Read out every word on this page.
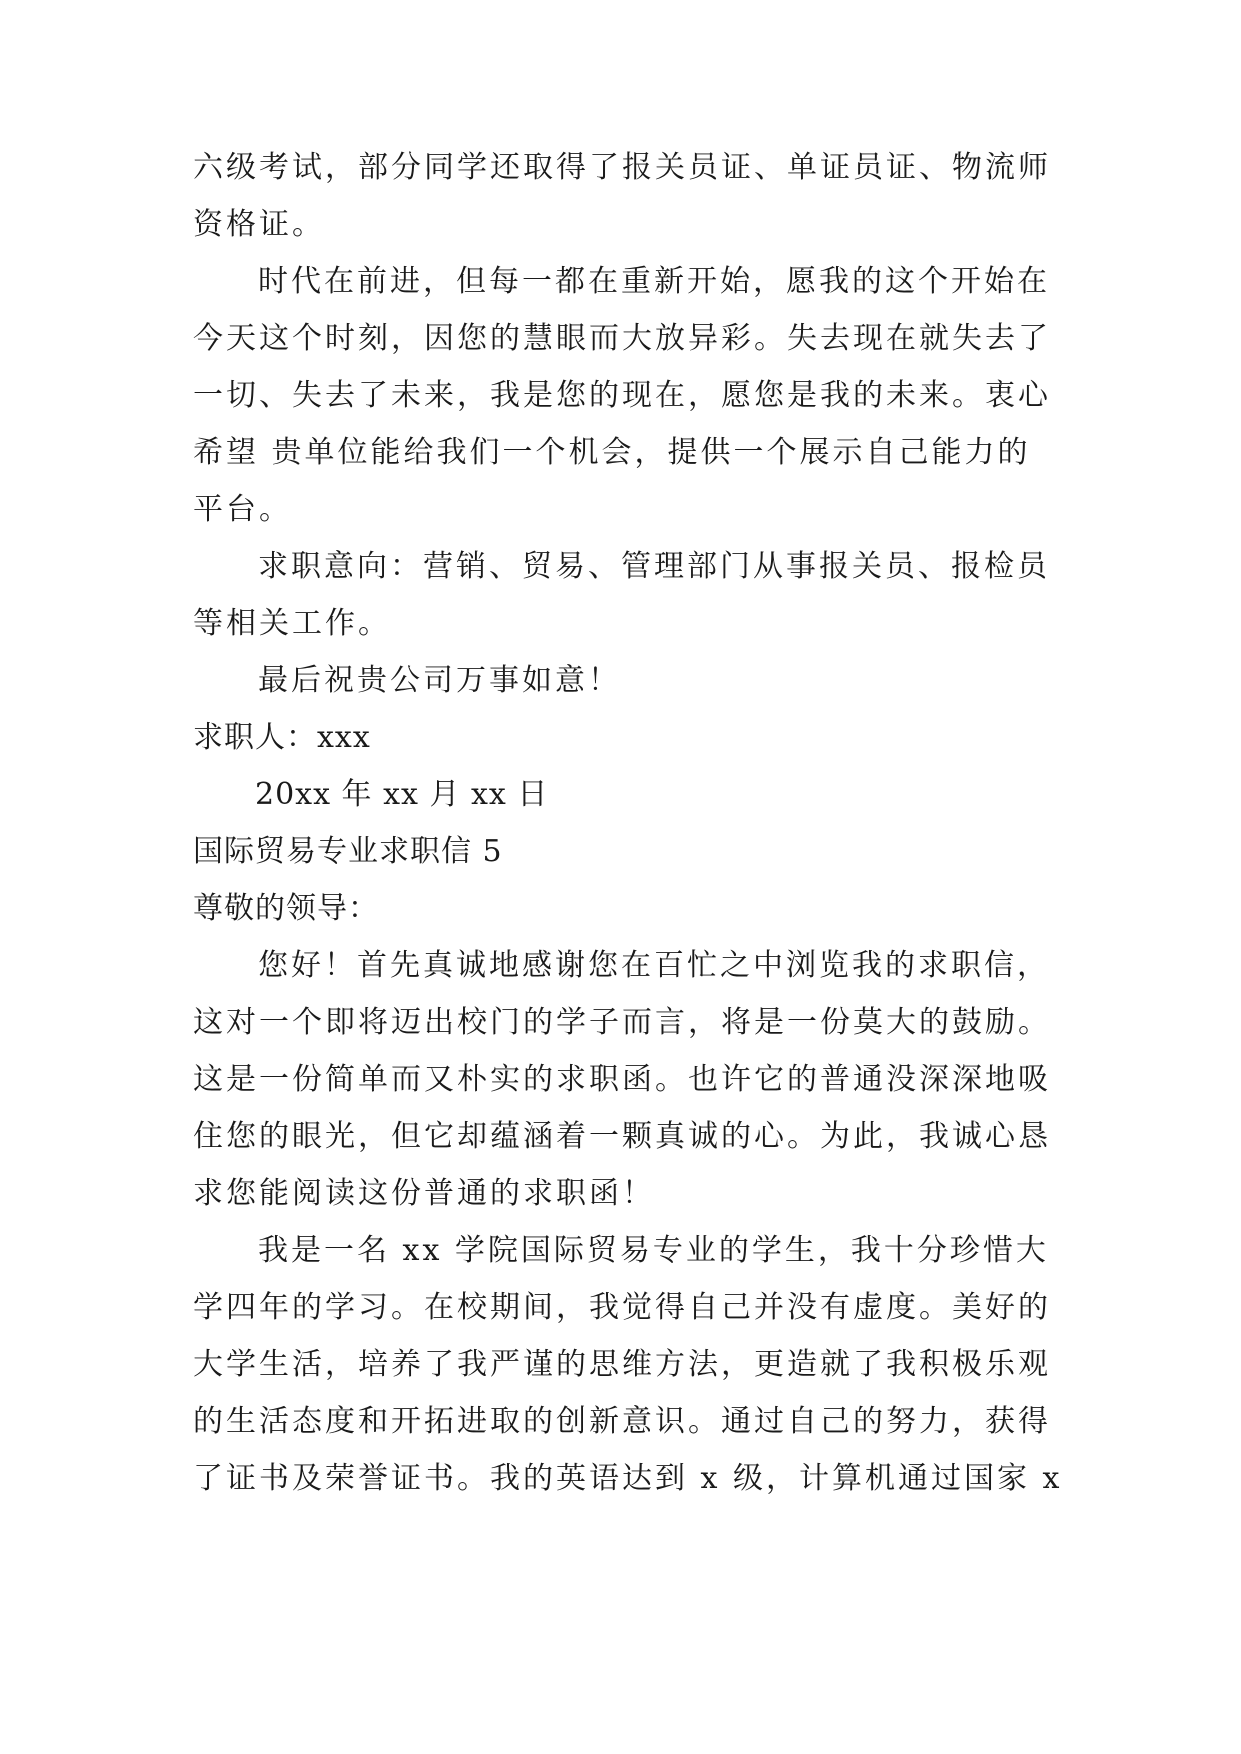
六级考试，部分同学还取得了报关员证、单证员证、物流师
资格证。
时代在前进，但每一都在重新开始，愿我的这个开始在
今天这个时刻，因您的慧眼而大放异彩。失去现在就失去了
一切、失去了未来，我是您的现在，愿您是我的未来。衷心
希望 贵单位能给我们一个机会，提供一个展示自己能力的
平台。
求职意向：营销、贸易、管理部门从事报关员、报检员
等相关工作。
最后祝贵公司万事如意！
求职人：xxx
20xx 年 xx 月 xx 日
国际贸易专业求职信 5
尊敬的领导：
您好！首先真诚地感谢您在百忙之中浏览我的求职信，
这对一个即将迈出校门的学子而言，将是一份莫大的鼓励。
这是一份简单而又朴实的求职函。也许它的普通没深深地吸
住您的眼光，但它却蕴涵着一颗真诚的心。为此，我诚心恳
求您能阅读这份普通的求职函！
我是一名 xx 学院国际贸易专业的学生，我十分珍惜大
学四年的学习。在校期间，我觉得自己并没有虚度。美好的
大学生活，培养了我严谨的思维方法，更造就了我积极乐观
的生活态度和开拓进取的创新意识。通过自己的努力，获得
了证书及荣誉证书。我的英语达到 x 级，计算机通过国家 x
